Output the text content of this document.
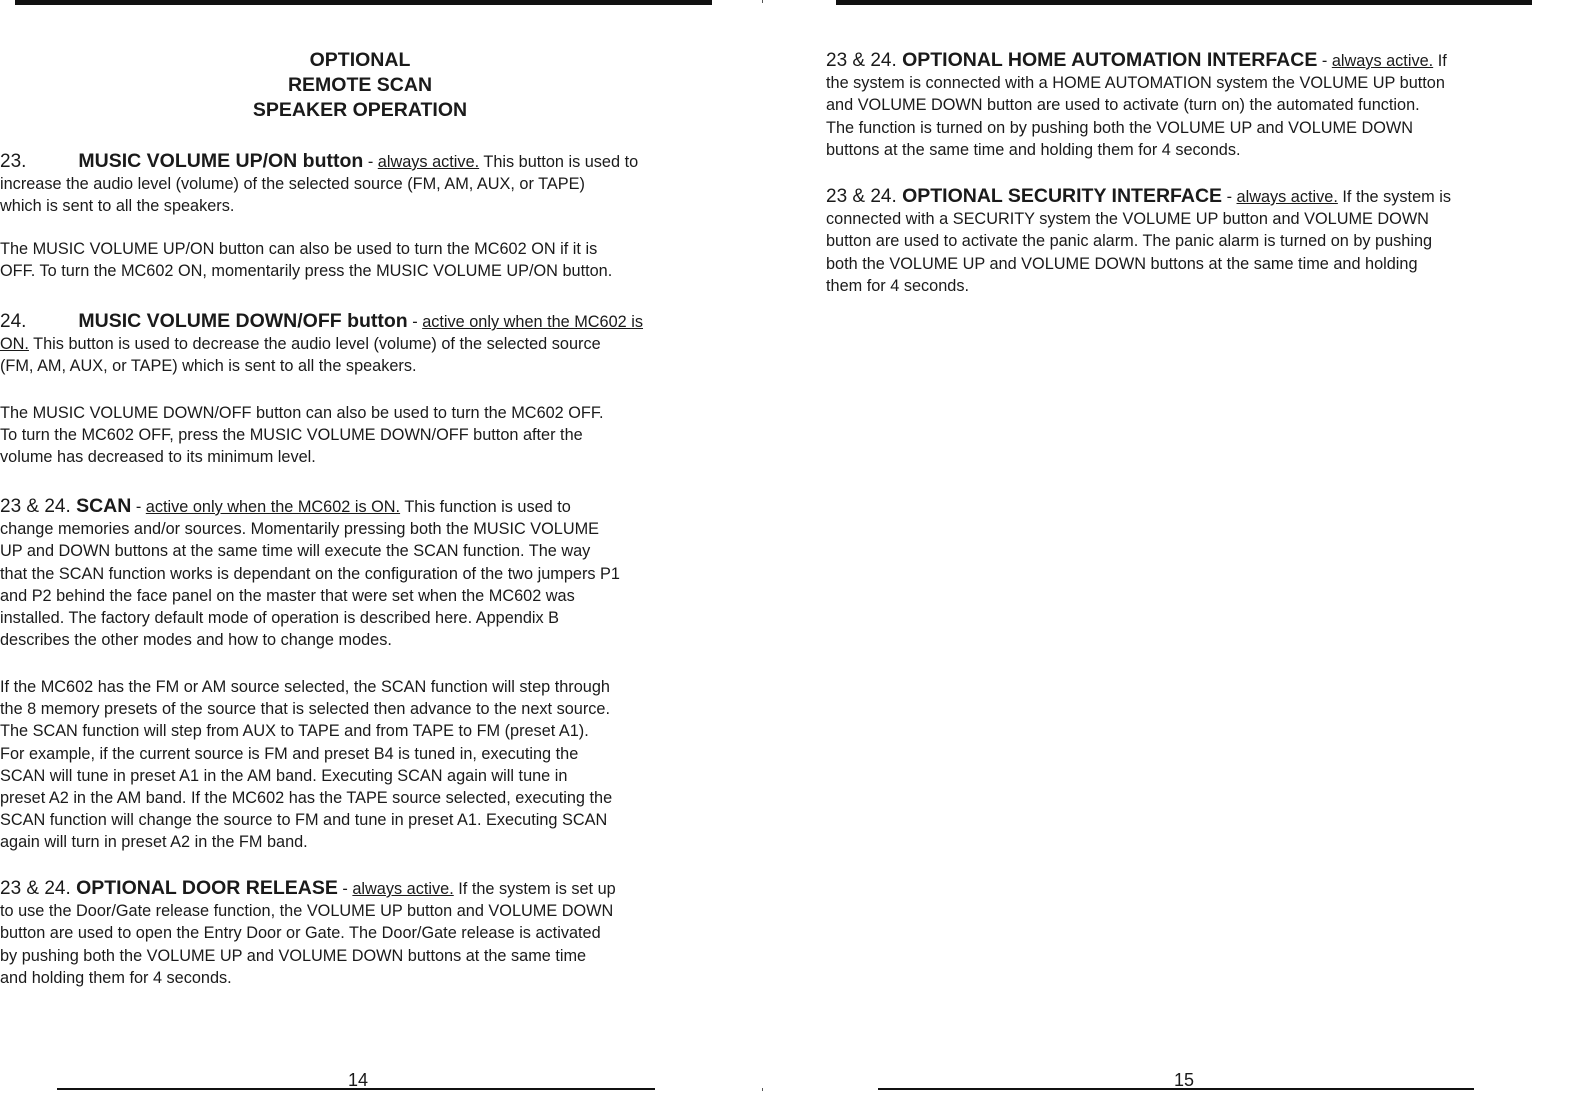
OPTIONAL
REMOTE SCAN
SPEAKER OPERATION
23.	MUSIC VOLUME UP/ON button - always active. This button is used to
increase the audio level (volume) of the selected source (FM, AM, AUX, or TAPE)
which is sent to all the speakers.
The MUSIC VOLUME UP/ON button can also be used to turn the MC602 ON if it is
OFF. To turn the MC602 ON, momentarily press the MUSIC VOLUME UP/ON button.
24.	MUSIC VOLUME DOWN/OFF button - active only when the MC602 is
ON. This button is used to decrease the audio level (volume) of the selected source
(FM, AM, AUX, or TAPE) which is sent to all the speakers.
The MUSIC VOLUME DOWN/OFF button can also be used to turn the MC602 OFF.
To turn the MC602 OFF, press the MUSIC VOLUME DOWN/OFF button after the
volume has decreased to its minimum level.
23 & 24. SCAN - active only when the MC602 is ON. This function is used to
change memories and/or sources. Momentarily pressing both the MUSIC VOLUME
UP and DOWN buttons at the same time will execute the SCAN function. The way
that the SCAN function works is dependant on the configuration of the two jumpers P1
and P2 behind the face panel on the master that were set when the MC602 was
installed. The factory default mode of operation is described here. Appendix B
describes the other modes and how to change modes.
If the MC602 has the FM or AM source selected, the SCAN function will step through
the 8 memory presets of the source that is selected then advance to the next source.
The SCAN function will step from AUX to TAPE and from TAPE to FM (preset A1).
For example, if the current source is FM and preset B4 is tuned in, executing the
SCAN will tune in preset A1 in the AM band. Executing SCAN again will tune in
preset A2 in the AM band. If the MC602 has the TAPE source selected, executing the
SCAN function will change the source to FM and tune in preset A1. Executing SCAN
again will turn in preset A2 in the FM band.
23 & 24. OPTIONAL DOOR RELEASE - always active. If the system is set up
to use the Door/Gate release function, the VOLUME UP button and VOLUME DOWN
button are used to open the Entry Door or Gate. The Door/Gate release is activated
by pushing both the VOLUME UP and VOLUME DOWN buttons at the same time
and holding them for 4 seconds.
14
23 & 24. OPTIONAL HOME AUTOMATION INTERFACE - always active. If
the system is connected with a HOME AUTOMATION system the VOLUME UP button
and VOLUME DOWN button are used to activate (turn on) the automated function.
The function is turned on by pushing both the VOLUME UP and VOLUME DOWN
buttons at the same time and holding them for 4 seconds.
23 & 24. OPTIONAL SECURITY INTERFACE - always active. If the system is
connected with a SECURITY system the VOLUME UP button and VOLUME DOWN
button are used to activate the panic alarm. The panic alarm is turned on by pushing
both the VOLUME UP and VOLUME DOWN buttons at the same time and holding
them for 4 seconds.
15
